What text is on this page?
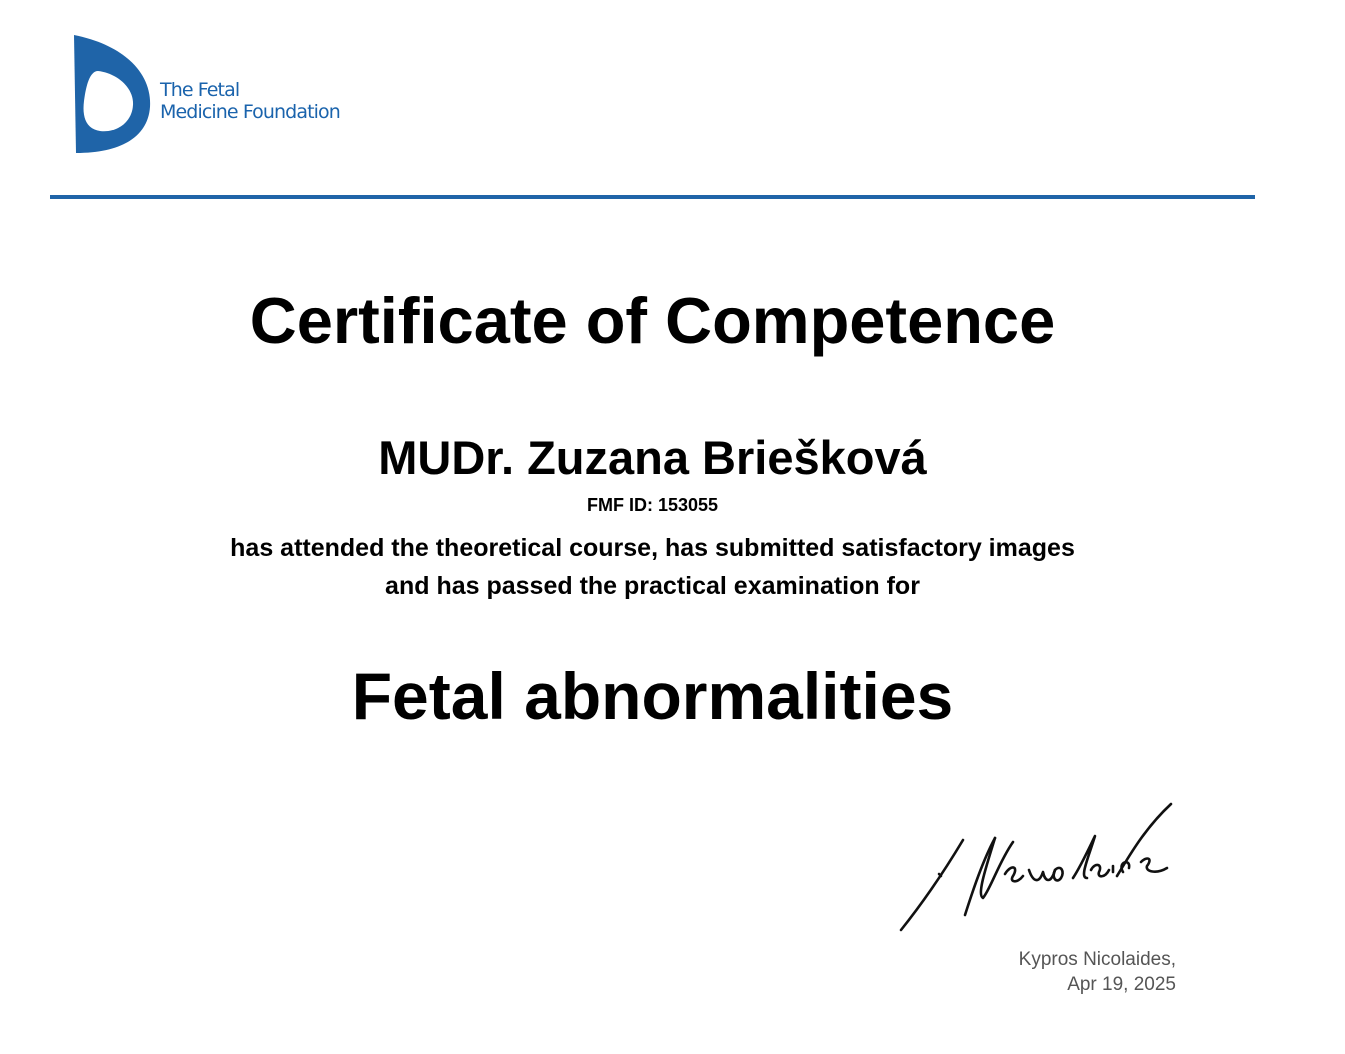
The Fetal
Medicine Foundation
Certificate of Competence
MUDr. Zuzana Briešková
FMF ID: 153055
has attended the theoretical course, has submitted satisfactory images
and has passed the practical examination for
Fetal abnormalities
Kypros Nicolaides,
Apr 19, 2025
